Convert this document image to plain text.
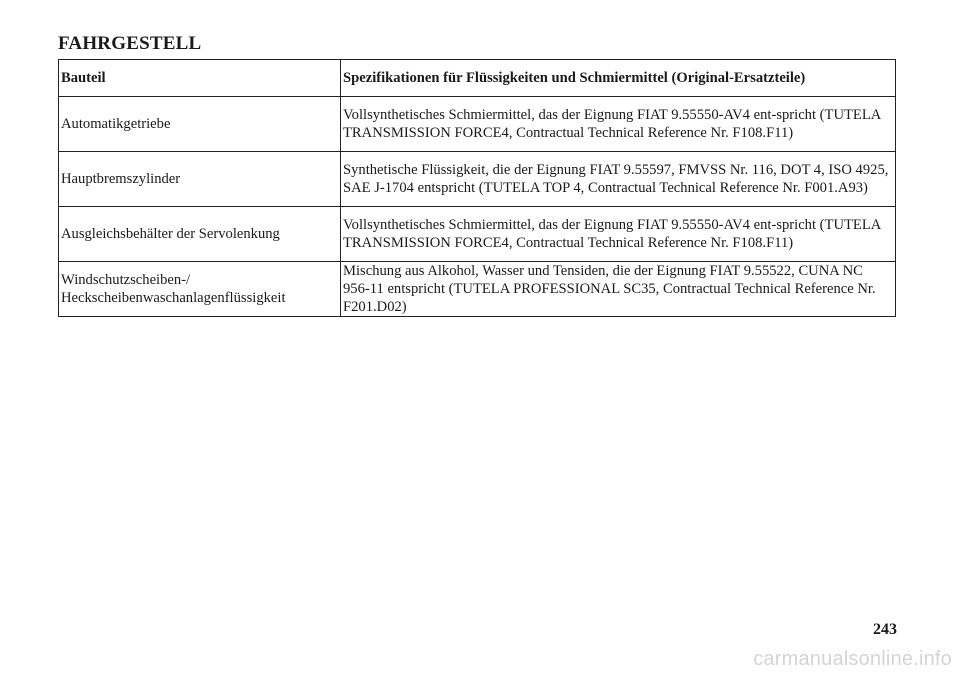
FAHRGESTELL
Bauteil	Spezifikationen für Flüssigkeiten und Schmiermittel (Original-Ersatzteile)
Automatikgetriebe	Vollsynthetisches Schmiermittel, das der Eignung FIAT 9.55550-AV4 ent-spricht (TUTELA TRANSMISSION FORCE4, Contractual Technical Reference Nr. F108.F11)
Hauptbremszylinder	Synthetische Flüssigkeit, die der Eignung FIAT 9.55597, FMVSS Nr. 116, DOT 4, ISO 4925, SAE J-1704 entspricht (TUTELA TOP 4, Contractual Technical Reference Nr. F001.A93)
Ausgleichsbehälter der Servolenkung	Vollsynthetisches Schmiermittel, das der Eignung FIAT 9.55550-AV4 ent-spricht (TUTELA TRANSMISSION FORCE4, Contractual Technical Reference Nr. F108.F11)
Windschutzscheiben-/ Heckscheibenwaschanlagenflüssigkeit	Mischung aus Alkohol, Wasser und Tensiden, die der Eignung FIAT 9.55522, CUNA NC 956-11 entspricht (TUTELA PROFESSIONAL SC35, Contractual Technical Reference Nr. F201.D02)
243
carmanualsonline.info
